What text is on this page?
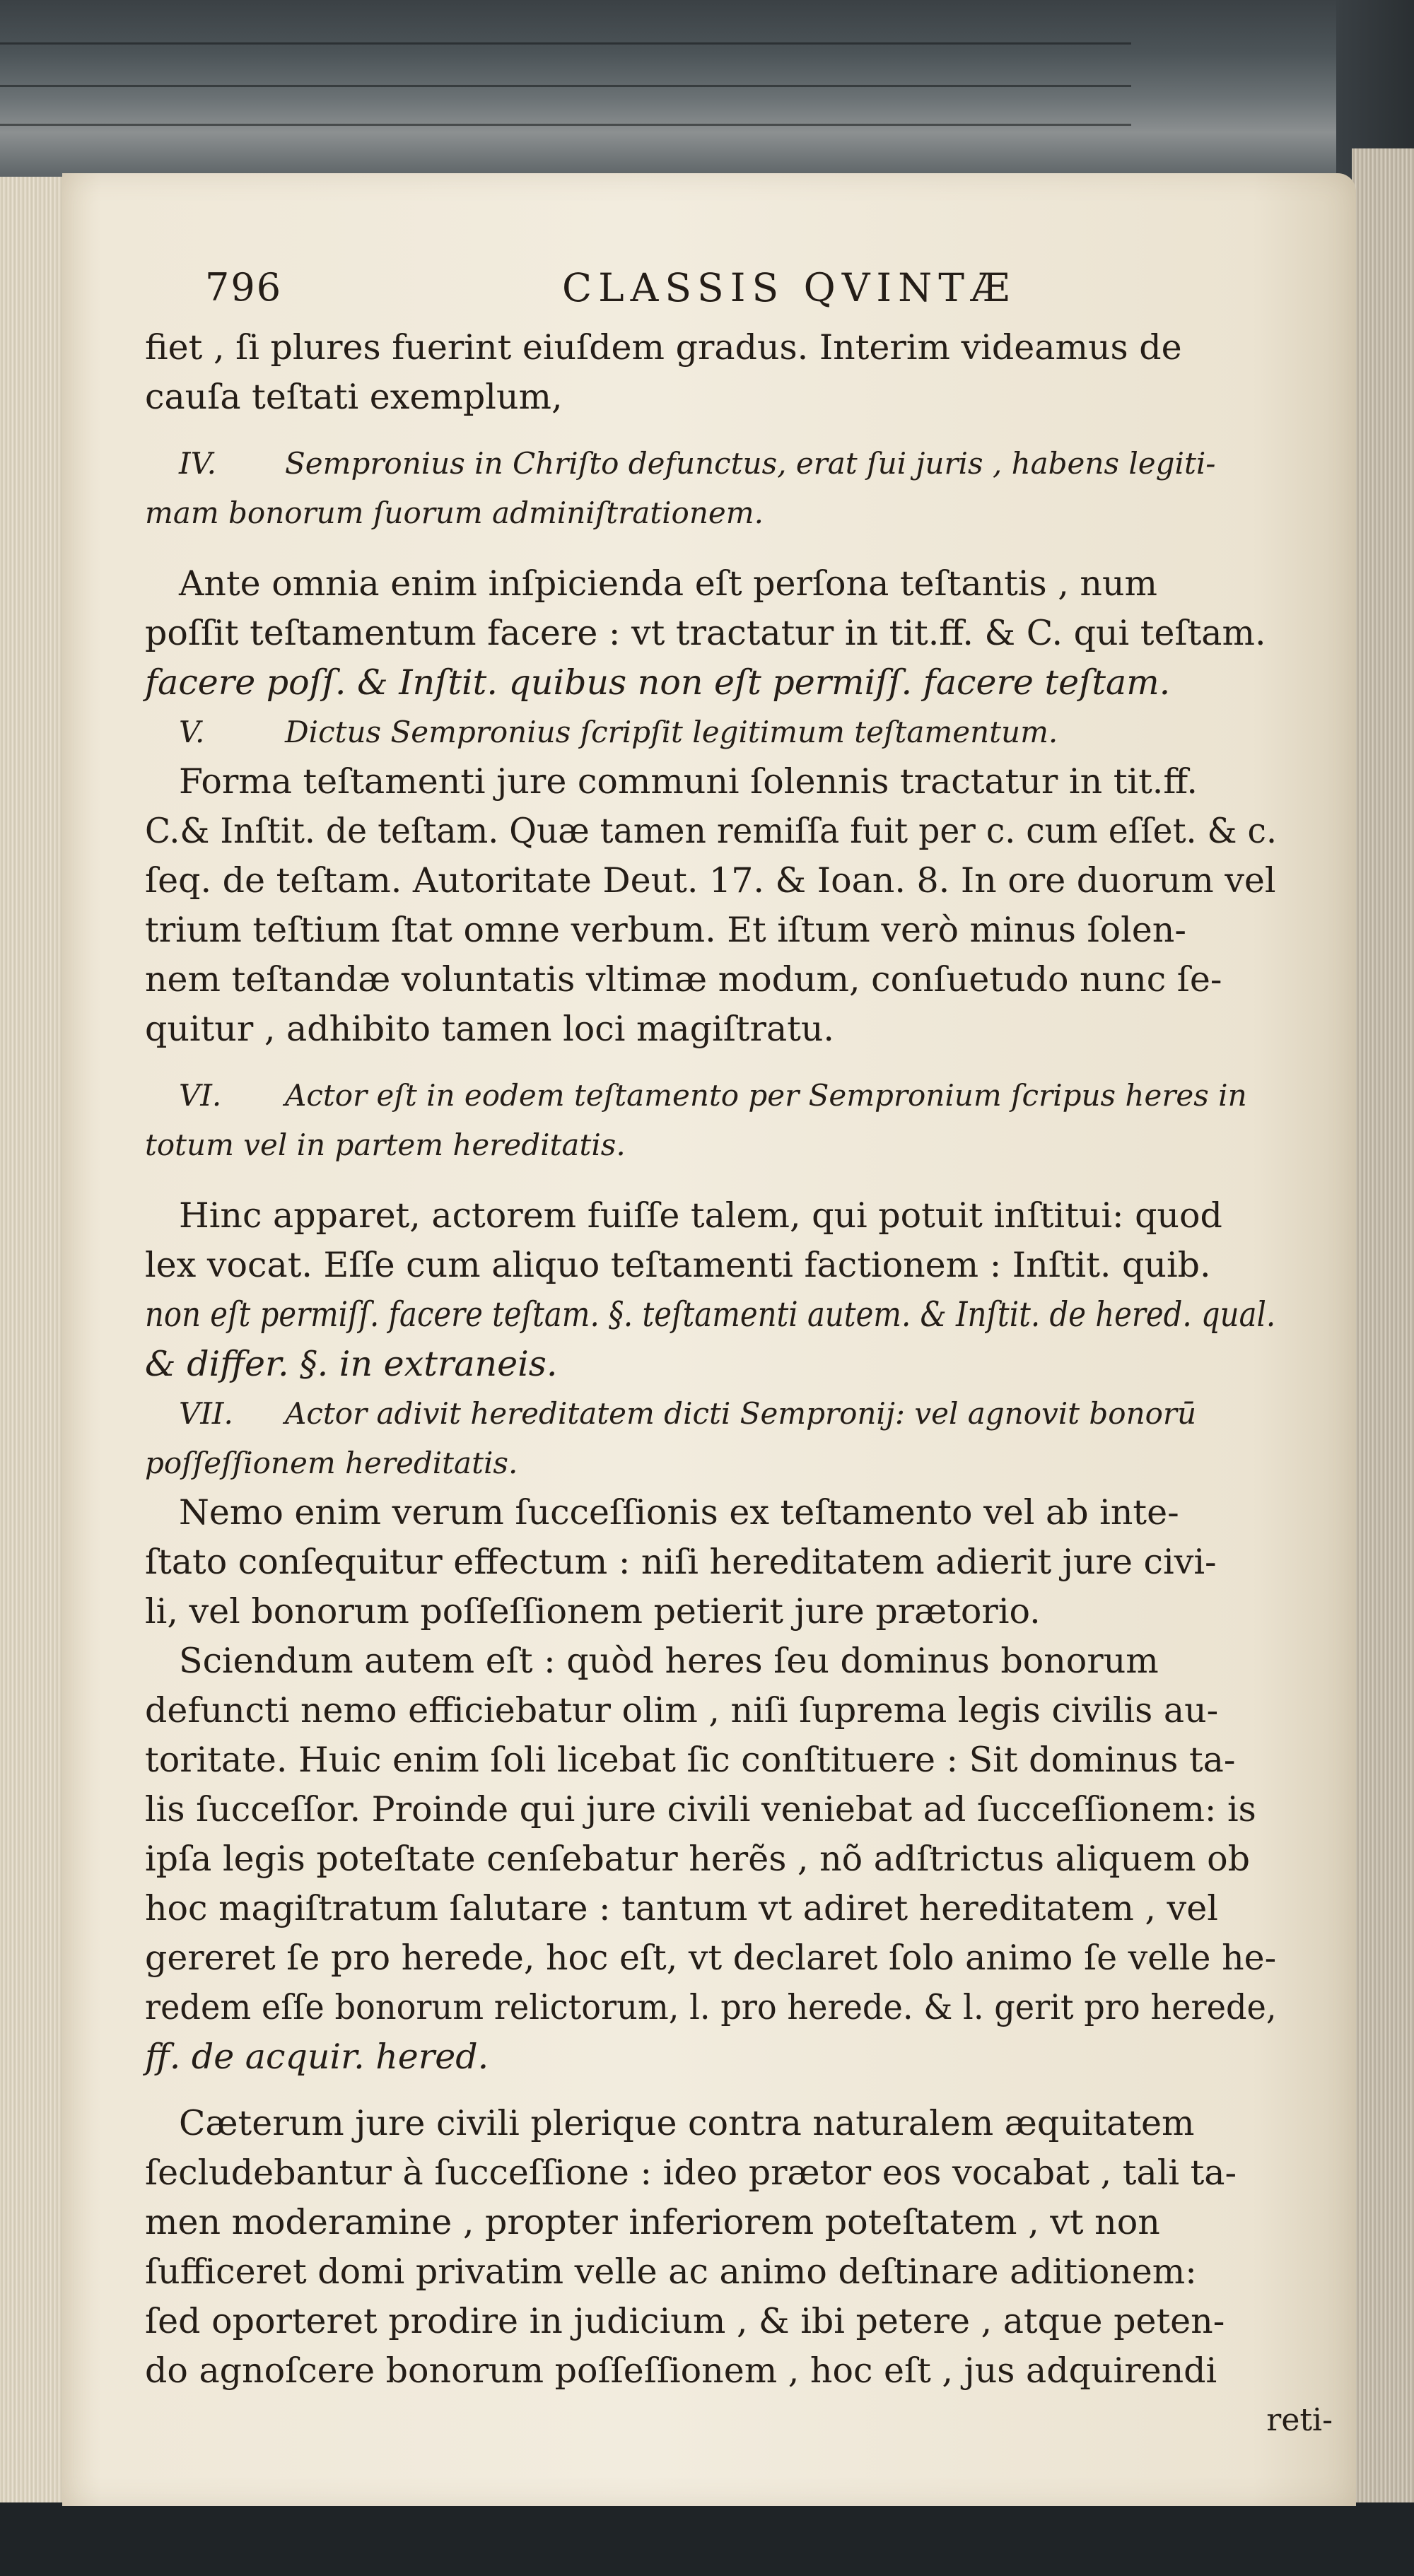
796	CLASSIS QVINTÆ
fiet , ſi plures fuerint eiuſdem gradus. Interim videamus de
cauſa teſtati exemplum,
IV. Sempronius in Chriſto defunctus, erat ſui juris , habens legiti-
mam bonorum ſuorum adminiſtrationem.
Ante omnia enim inſpicienda eſt perſona teſtantis , num
poſſit teſtamentum facere : vt tractatur in tit.ff. & C. qui teſtam.
facere poſſ. & Inſtit. quibus non eſt permiſſ. facere teſtam.
V.	Dictus Sempronius ſcripſit legitimum teſtamentum.
Forma teſtamenti jure communi ſolennis tractatur in tit.ff.
C.& Inſtit. de teſtam. Quæ tamen remiſſa fuit per c. cum eſſet. & c.
ſeq. de teſtam. Autoritate Deut. 17. & Ioan. 8. In ore duorum vel
trium teſtium ſtat omne verbum. Et iſtum verò minus ſolen-
nem teſtandæ voluntatis vltimæ modum, conſuetudo nunc ſe-
quitur , adhibito tamen loci magiſtratu.
VI. Actor eſt in eodem teſtamento per Sempronium ſcripus heres in
totum vel in partem hereditatis.
Hinc apparet, actorem fuiſſe talem, qui potuit inſtitui: quod
lex vocat. Eſſe cum aliquo teſtamenti factionem : Inſtit. quib.
non eſt permiſſ. facere teſtam. §. teſtamenti autem. & Inſtit. de hered. qual.
& differ. §. in extraneis.
VII. Actor adivit hereditatem dicti Sempronij: vel agnovit bonorū
poſſeſſionem hereditatis.
Nemo enim verum ſucceſſionis ex teſtamento vel ab inte-
ſtato conſequitur effectum : niſi hereditatem adierit jure civi-
li, vel bonorum poſſeſſionem petierit jure prætorio.
Sciendum autem eſt : quòd heres ſeu dominus bonorum
defuncti nemo efficiebatur olim , niſi ſuprema legis civilis au-
toritate. Huic enim ſoli licebat ſic conſtituere : Sit dominus ta-
lis ſucceſſor. Proinde qui jure civili veniebat ad ſucceſſionem: is
ipſa legis poteſtate cenſebatur herẽs , nõ adſtrictus aliquem ob
hoc magiſtratum ſalutare : tantum vt adiret hereditatem , vel
gereret ſe pro herede, hoc eſt, vt declaret ſolo animo ſe velle he-
redem eſſe bonorum relictorum, l. pro herede. & l. gerit pro herede,
ff. de acquir. hered.
Cæterum jure civili plerique contra naturalem æquitatem
ſecludebantur à ſucceſſione : ideo prætor eos vocabat , tali ta-
men moderamine , propter inferiorem poteſtatem , vt non
ſufficeret domi privatim velle ac animo deſtinare aditionem:
ſed oporteret prodire in judicium , & ibi petere , atque peten-
do agnoſcere bonorum poſſeſſionem , hoc eſt , jus adquirendi
reti-
